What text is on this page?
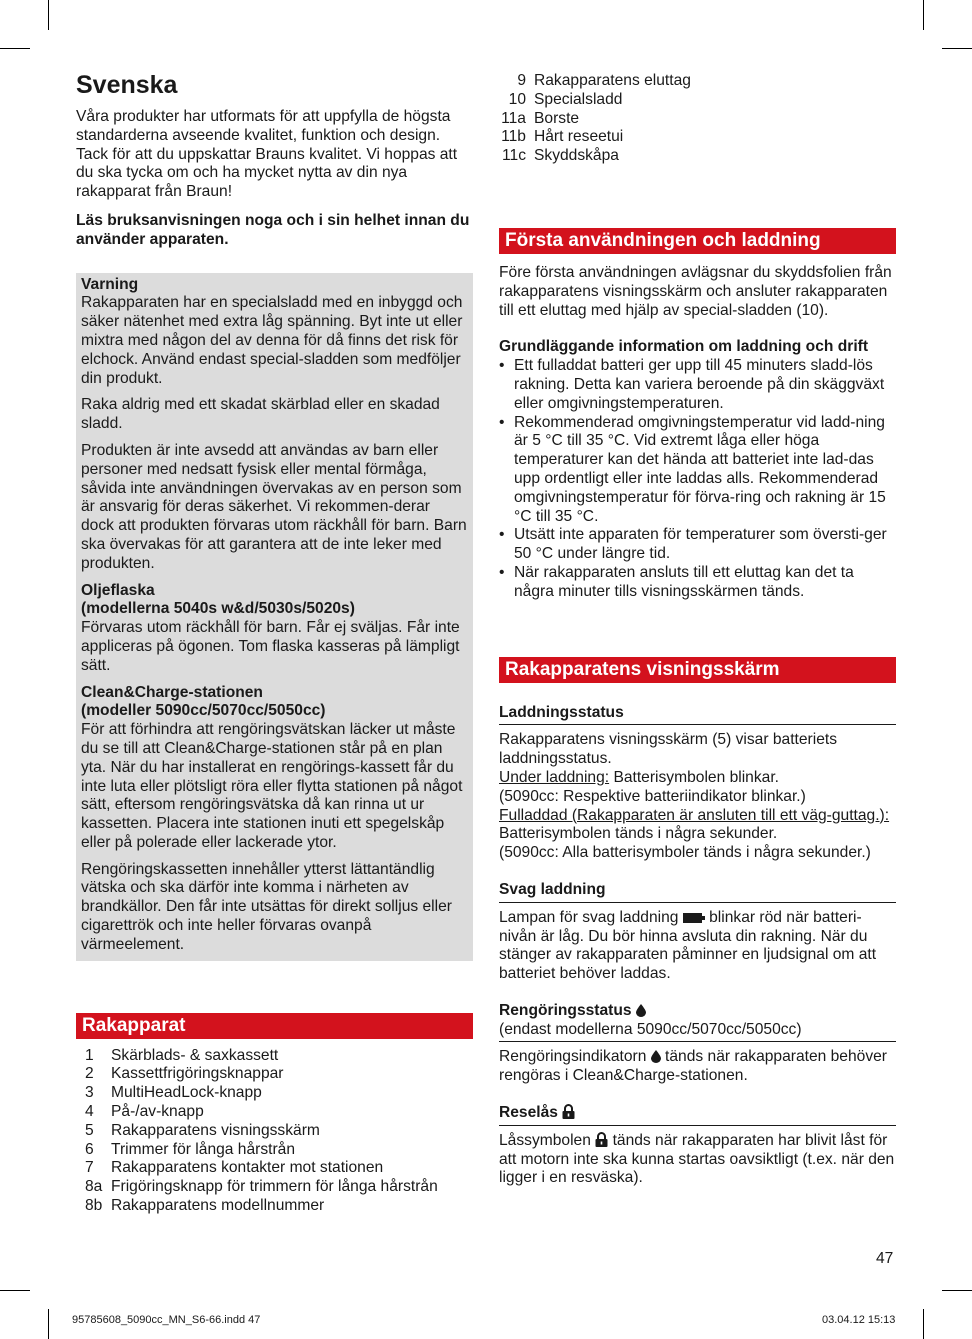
Svenska

Våra produkter har utformats för att uppfylla de högsta standarderna avseende kvalitet, funktion och design. Tack för att du uppskattar Brauns kvalitet. Vi hoppas att du ska tycka om och ha mycket nytta av din nya rakapparat från Braun!

Läs bruksanvisningen noga och i sin helhet innan du använder apparaten.

Varning
Rakapparaten har en specialsladd med en inbyggd och säker nätenhet med extra låg spänning. Byt inte ut eller mixtra med någon del av denna för då finns det risk för elchock. Använd endast special-sladden som medföljer din produkt.

Raka aldrig med ett skadat skärblad eller en skadad sladd.

Produkten är inte avsedd att användas av barn eller personer med nedsatt fysisk eller mental förmåga, såvida inte användningen övervakas av en person som är ansvarig för deras säkerhet. Vi rekommen-derar dock att produkten förvaras utom räckhåll för barn. Barn ska övervakas för att garantera att de inte leker med produkten.

Oljeflaska
(modellerna 5040s w&d/5030s/5020s)
Förvaras utom räckhåll för barn. Får ej sväljas. Får inte appliceras på ögonen. Tom flaska kasseras på lämpligt sätt.

Clean&Charge-stationen
(modeller 5090cc/5070cc/5050cc)
För att förhindra att rengöringsvätskan läcker ut måste du se till att Clean&Charge-stationen står på en plan yta. När du har installerat en rengörings-kassett får du inte luta eller plötsligt röra eller flytta stationen på något sätt, eftersom rengöringsvätska då kan rinna ut ur kassetten. Placera inte stationen inuti ett spegelskåp eller på polerade eller lackerade ytor.

Rengöringskassetten innehåller ytterst lättantändlig vätska och ska därför inte komma i närheten av brandkällor. Den får inte utsättas för direkt solljus eller cigarettrök och inte heller förvaras ovanpå värmeelement.

Rakapparat
1	Skärblads- & saxkassett
2	Kassettfrigöringsknappar
3	MultiHeadLock-knapp
4	På-/av-knapp
5	Rakapparatens visningsskärm
6	Trimmer för långa hårstrån
7	Rakapparatens kontakter mot stationen
8a Frigöringsknapp för trimmern för långa hårstrån
8b Rakapparatens modellnummer
9 Rakapparatens eluttag
10 Specialsladd
11a Borste
11b Hårt reseetui
11c Skyddskåpa
Första användningen och laddning

Före första användningen avlägsnar du skyddsfolien från rakapparatens visningsskärm och ansluter rakapparaten till ett eluttag med hjälp av special-sladden (10).

Grundläggande information om laddning och drift

• Ett fulladdat batteri ger upp till 45 minuters sladd-lös rakning. Detta kan variera beroende på din skäggväxt eller omgivningstemperaturen.
• Rekommenderad omgivningstemperatur vid ladd-ning är 5 °C till 35 °C. Vid extremt låga eller höga temperaturer kan det hända att batteriet inte lad-das upp ordentligt eller inte laddas alls. Rekommenderad omgivningstemperatur för förva-ring och rakning är 15 °C till 35 °C.
• Utsätt inte apparaten för temperaturer som översti-ger 50 °C under längre tid.
• När rakapparaten ansluts till ett eluttag kan det ta några minuter tills visningsskärmen tänds.
Rakapparatens visningsskärm

Laddningsstatus

Rakapparatens visningsskärm (5) visar batteriets laddningsstatus.

Under laddning: Batterisymbolen blinkar.

(5090cc: Respektive batteriindikator blinkar.)

Fulladdad (Rakapparaten är ansluten till ett väg-guttag.): Batterisymbolen tänds i några sekunder.

(5090cc: Alla batterisymboler tänds i några sekunder.)

Svag laddning

Lampan för svag laddning  blinkar röd när batteri-nivån är låg. Du bör hinna avsluta din rakning. När du stänger av rakapparaten påminner en ljudsignal om att batteriet behöver laddas.

Rengöringsstatus

(endast modellerna 5090cc/5070cc/5050cc)

Rengöringsindikatorn  tänds när rakapparaten behöver rengöras i Clean&Charge-stationen.

Reselås

Låssymbolen  tänds när rakapparaten har blivit låst för att motorn inte ska kunna startas oavsiktligt (t.ex. när den ligger i en resväska).

47
95785608_5090cc_MN_S6-66.indd 47	03.04.12 15:13
